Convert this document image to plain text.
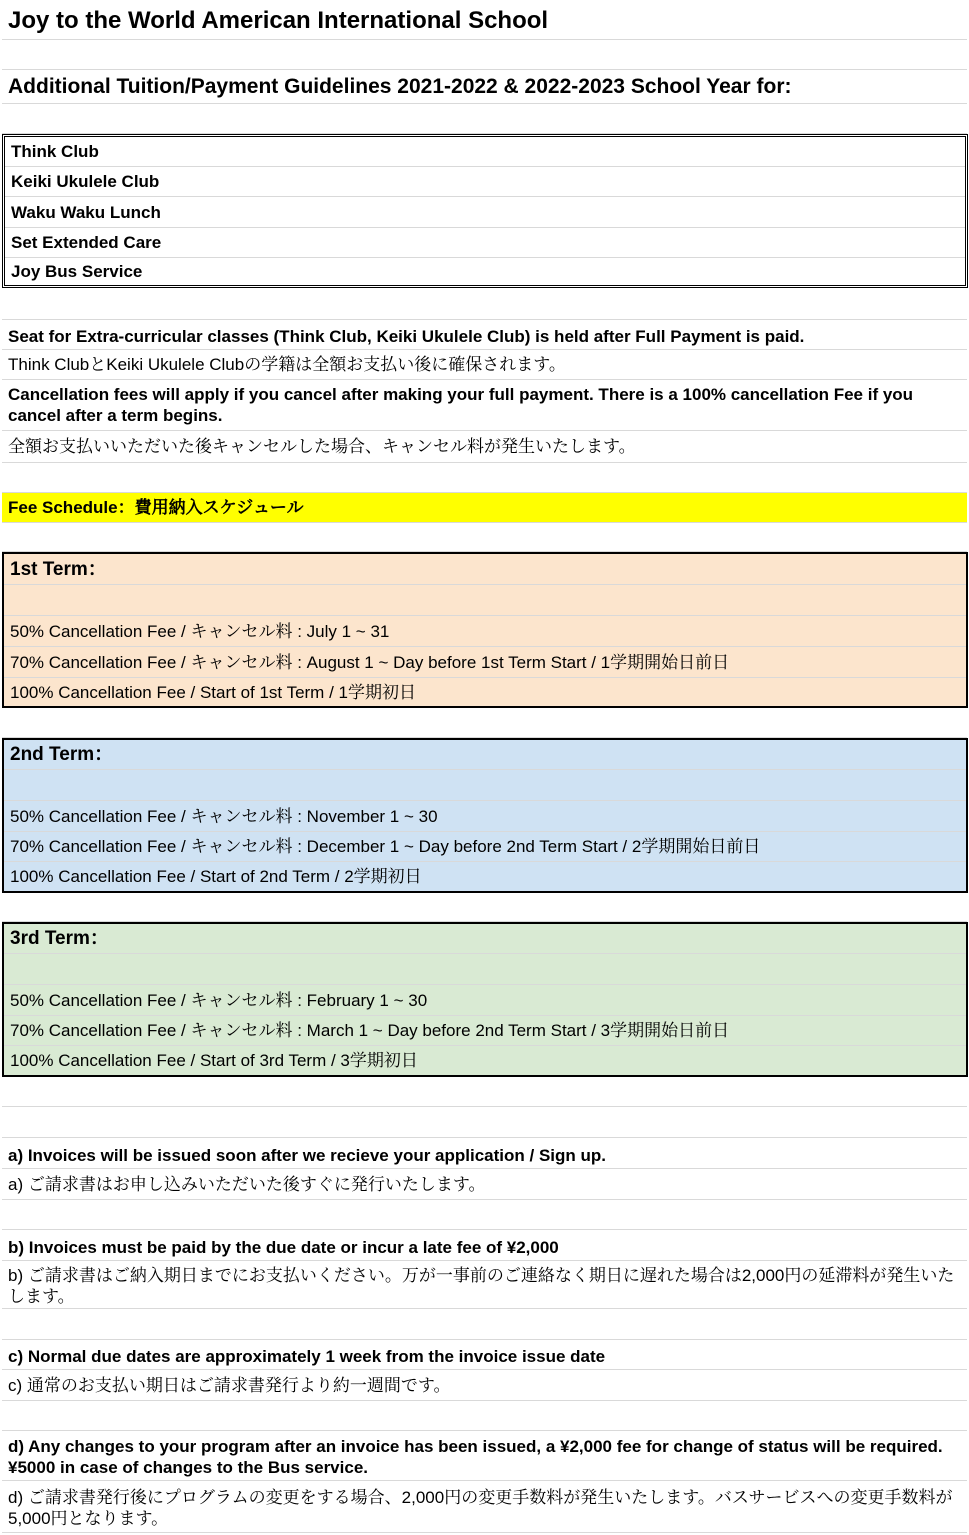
Joy to the World American International School
Additional Tuition/Payment Guidelines 2021-2022 & 2022-2023 School Year for:
Think Club
Keiki Ukulele Club
Waku Waku Lunch
Set Extended Care
Joy Bus Service
Seat for Extra-curricular classes (Think Club, Keiki Ukulele Club) is held after Full Payment is paid.
Think ClubとKeiki Ukulele Clubの学籍は全額お支払い後に確保されます。
Cancellation fees will apply if you cancel after making your full payment. There is a 100% cancellation Fee if you cancel after a term begins.
全額お支払いいただいた後キャンセルした場合、キャンセル料が発生いたします。
Fee Schedule：費用納入スケジュール
1st Term：
50% Cancellation Fee / キャンセル料 : July 1 ~ 31
70% Cancellation Fee / キャンセル料 : August 1 ~ Day before 1st Term Start / 1学期開始日前日
100% Cancellation Fee / Start of 1st Term / 1学期初日
2nd Term：
50% Cancellation Fee / キャンセル料 : November 1 ~ 30
70% Cancellation Fee / キャンセル料 : December 1 ~ Day before 2nd Term Start / 2学期開始日前日
100% Cancellation Fee / Start of 2nd Term / 2学期初日
3rd Term：
50% Cancellation Fee / キャンセル料 : February 1 ~ 30
70% Cancellation Fee / キャンセル料 : March 1 ~ Day before 2nd Term Start / 3学期開始日前日
100% Cancellation Fee / Start of 3rd Term / 3学期初日
a) Invoices will be issued soon after we recieve your application / Sign up.
a) ご請求書はお申し込みいただいた後すぐに発行いたします。
b) Invoices must be paid by the due date or incur a late fee of ¥2,000
b) ご請求書はご納入期日までにお支払いください。万が一事前のご連絡なく期日に遅れた場合は2,000円の延滞料が発生いたします。
c) Normal due dates are approximately 1 week from the invoice issue date
c) 通常のお支払い期日はご請求書発行より約一週間です。
d) Any changes to your program after an invoice has been issued, a ¥2,000 fee for change of status will be required. ¥5000 in case of changes to the Bus service.
d) ご請求書発行後にプログラムの変更をする場合、2,000円の変更手数料が発生いたします。バスサービスへの変更手数料が5,000円となります。
